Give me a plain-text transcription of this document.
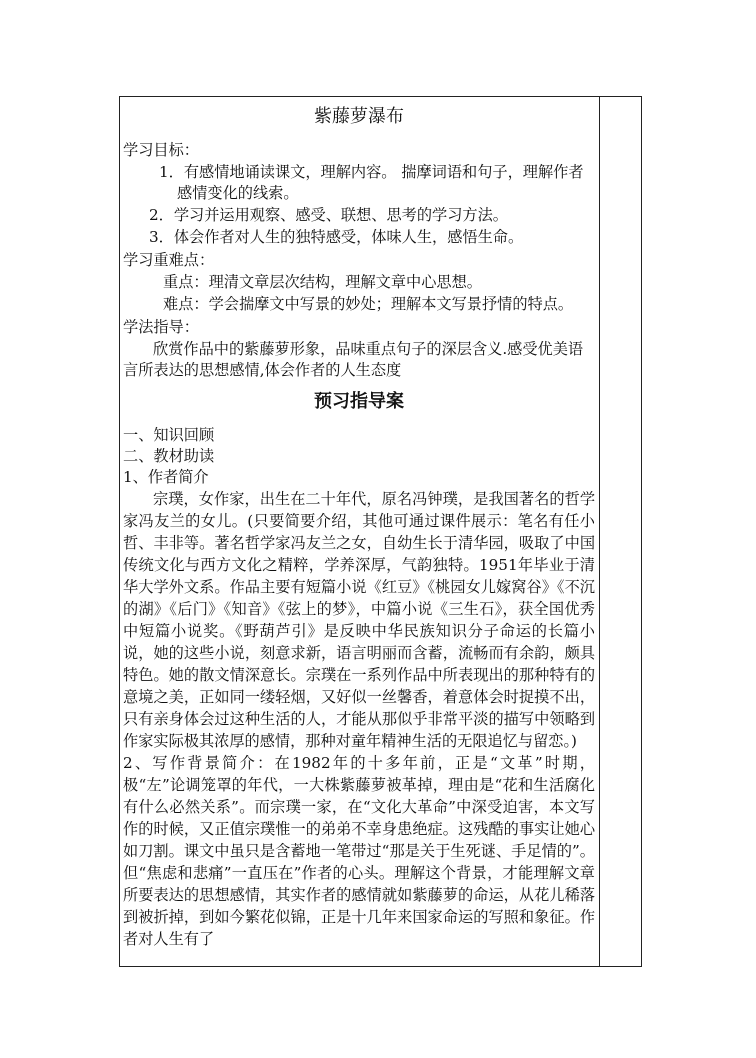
紫藤萝瀑布

学习目标：

1．有感情地诵读课文，理解内容。 揣摩词语和句子，理解作者感情变化的线索。

2．学习并运用观察、感受、联想、思考的学习方法。

3．体会作者对人生的独特感受，体味人生，感悟生命。

学习重难点：

重点：理清文章层次结构，理解文章中心思想。

难点：学会揣摩文中写景的妙处；理解本文写景抒情的特点。

学法指导：

欣赏作品中的紫藤萝形象，品味重点句子的深层含义.感受优美语言所表达的思想感情,体会作者的人生态度

预习指导案

一、知识回顾

二、教材助读

1、作者简介

宗璞，女作家，出生在二十年代，原名冯钟璞，是我国著名的哲学家冯友兰的女儿。(只要简要介绍，其他可通过课件展示：笔名有任小哲、丰非等。著名哲学家冯友兰之女，自幼生长于清华园，吸取了中国传统文化与西方文化之精粹，学养深厚，气韵独特。1951年毕业于清华大学外文系。作品主要有短篇小说《红豆》《桃园女儿嫁窝谷》《不沉的湖》《后门》《知音》《弦上的梦》，中篇小说《三生石》，获全国优秀中短篇小说奖。《野葫芦引》是反映中华民族知识分子命运的长篇小说，她的这些小说，刻意求新，语言明丽而含蓄，流畅而有余韵，颇具特色。她的散文情深意长。宗璞在一系列作品中所表现出的那种特有的意境之美，正如同一缕轻烟，又好似一丝馨香，着意体会时捉摸不出，只有亲身体会过这种生活的人，才能从那似乎非常平淡的描写中领略到作家实际极其浓厚的感情，那种对童年精神生活的无限追忆与留恋。)

2、写作背景简介：在1982年的十多年前，正是“文革”时期，极“左”论调笼罩的年代，一大株紫藤萝被革掉，理由是“花和生活腐化有什么必然关系”。而宗璞一家，在“文化大革命”中深受迫害，本文写作的时候，又正值宗璞惟一的弟弟不幸身患绝症。这残酷的事实让她心如刀割。课文中虽只是含蓄地一笔带过“那是关于生死谜、手足情的”。但“焦虑和悲痛”一直压在”作者的心头。理解这个背景，才能理解文章所要表达的思想感情，其实作者的感情就如紫藤萝的命运，从花儿稀落到被折掉，到如今繁花似锦，正是十几年来国家命运的写照和象征。作者对人生有了
